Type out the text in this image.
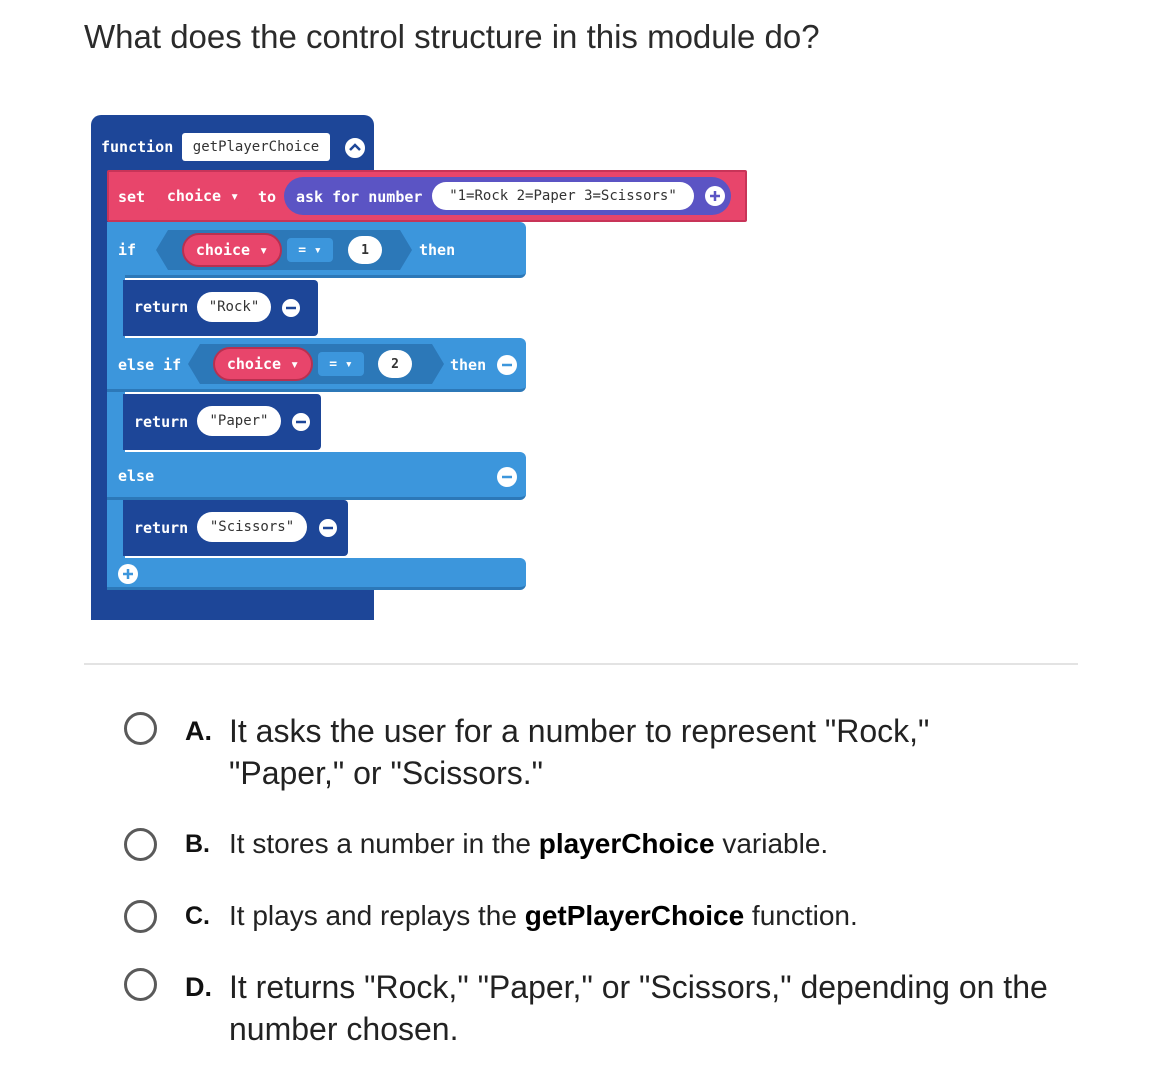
What does the control structure in this module do?
function	getPlayerChoice
set choice ▾	to ask for number	"1=Rock 2=Paper 3=Scissors"
if	choice ▾	= ▾	1	then
return	"Rock"
else if	choice ▾	= ▾	2	then
return	"Paper"
else
return	"Scissors"
A. It asks the user for a number to represent "Rock,"
"Paper," or "Scissors."
B. It stores a number in the playerChoice variable.
C. It plays and replays the getPlayerChoice function.
D. It returns "Rock," "Paper," or "Scissors," depending on the
number chosen.
